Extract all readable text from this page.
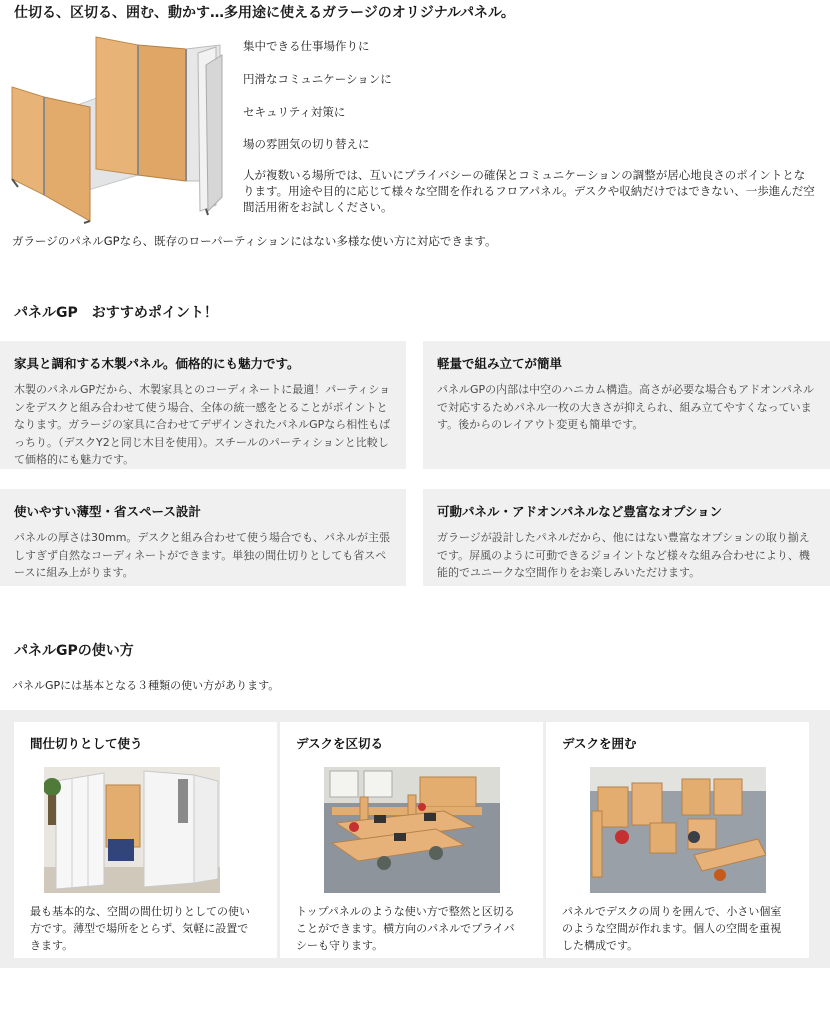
仕切る、区切る、囲む、動かす…多用途に使えるガラージのオリジナルパネル。
集中できる仕事場作りに
円滑なコミュニケーションに
セキュリティ対策に
場の雰囲気の切り替えに
人が複数いる場所では、互いにプライバシーの確保とコミュニケーションの調整が居心地良さのポイントとなります。用途や目的に応じて様々な空間を作れるフロアパネル。デスクや収納だけではできない、一歩進んだ空間活用術をお試しください。
ガラージのパネルGPなら、既存のローパーティションにはない多様な使い方に対応できます。
パネルGP　おすすめポイント！
家具と調和する木製パネル。価格的にも魅力です。

木製のパネルGPだから、木製家具とのコーディネートに最適！パーティションをデスクと組み合わせて使う場合、全体の統一感をとることがポイントとなります。ガラージの家具に合わせてデザインされたパネルGPなら相性もばっちり。（デスクY2と同じ木目を使用）。スチールのパーティションと比較して価格的にも魅力です。

軽量で組み立てが簡単

パネルGPの内部は中空のハニカム構造。高さが必要な場合もアドオンパネルで対応するためパネル一枚の大きさが抑えられ、組み立てやすくなっています。後からのレイアウト変更も簡単です。

使いやすい薄型・省スペース設計

パネルの厚さは30mm。デスクと組み合わせて使う場合でも、パネルが主張しすぎず自然なコーディネートができます。単独の間仕切りとしても省スペースに組み上がります。

可動パネル・アドオンパネルなど豊富なオプション

ガラージが設計したパネルだから、他にはない豊富なオプションの取り揃えです。屏風のように可動できるジョイントなど様々な組み合わせにより、機能的でユニークな空間作りをお楽しみいただけます。

パネルGPの使い方
パネルGPには基本となる３種類の使い方があります。
間仕切りとして使う

最も基本的な、空間の間仕切りとしての使い方です。薄型で場所をとらず、気軽に設置できます。

デスクを区切る

トップパネルのような使い方で整然と区切ることができます。横方向のパネルでプライバシーも守ります。

デスクを囲む

パネルでデスクの周りを囲んで、小さい個室のような空間が作れます。個人の空間を重視した構成です。
